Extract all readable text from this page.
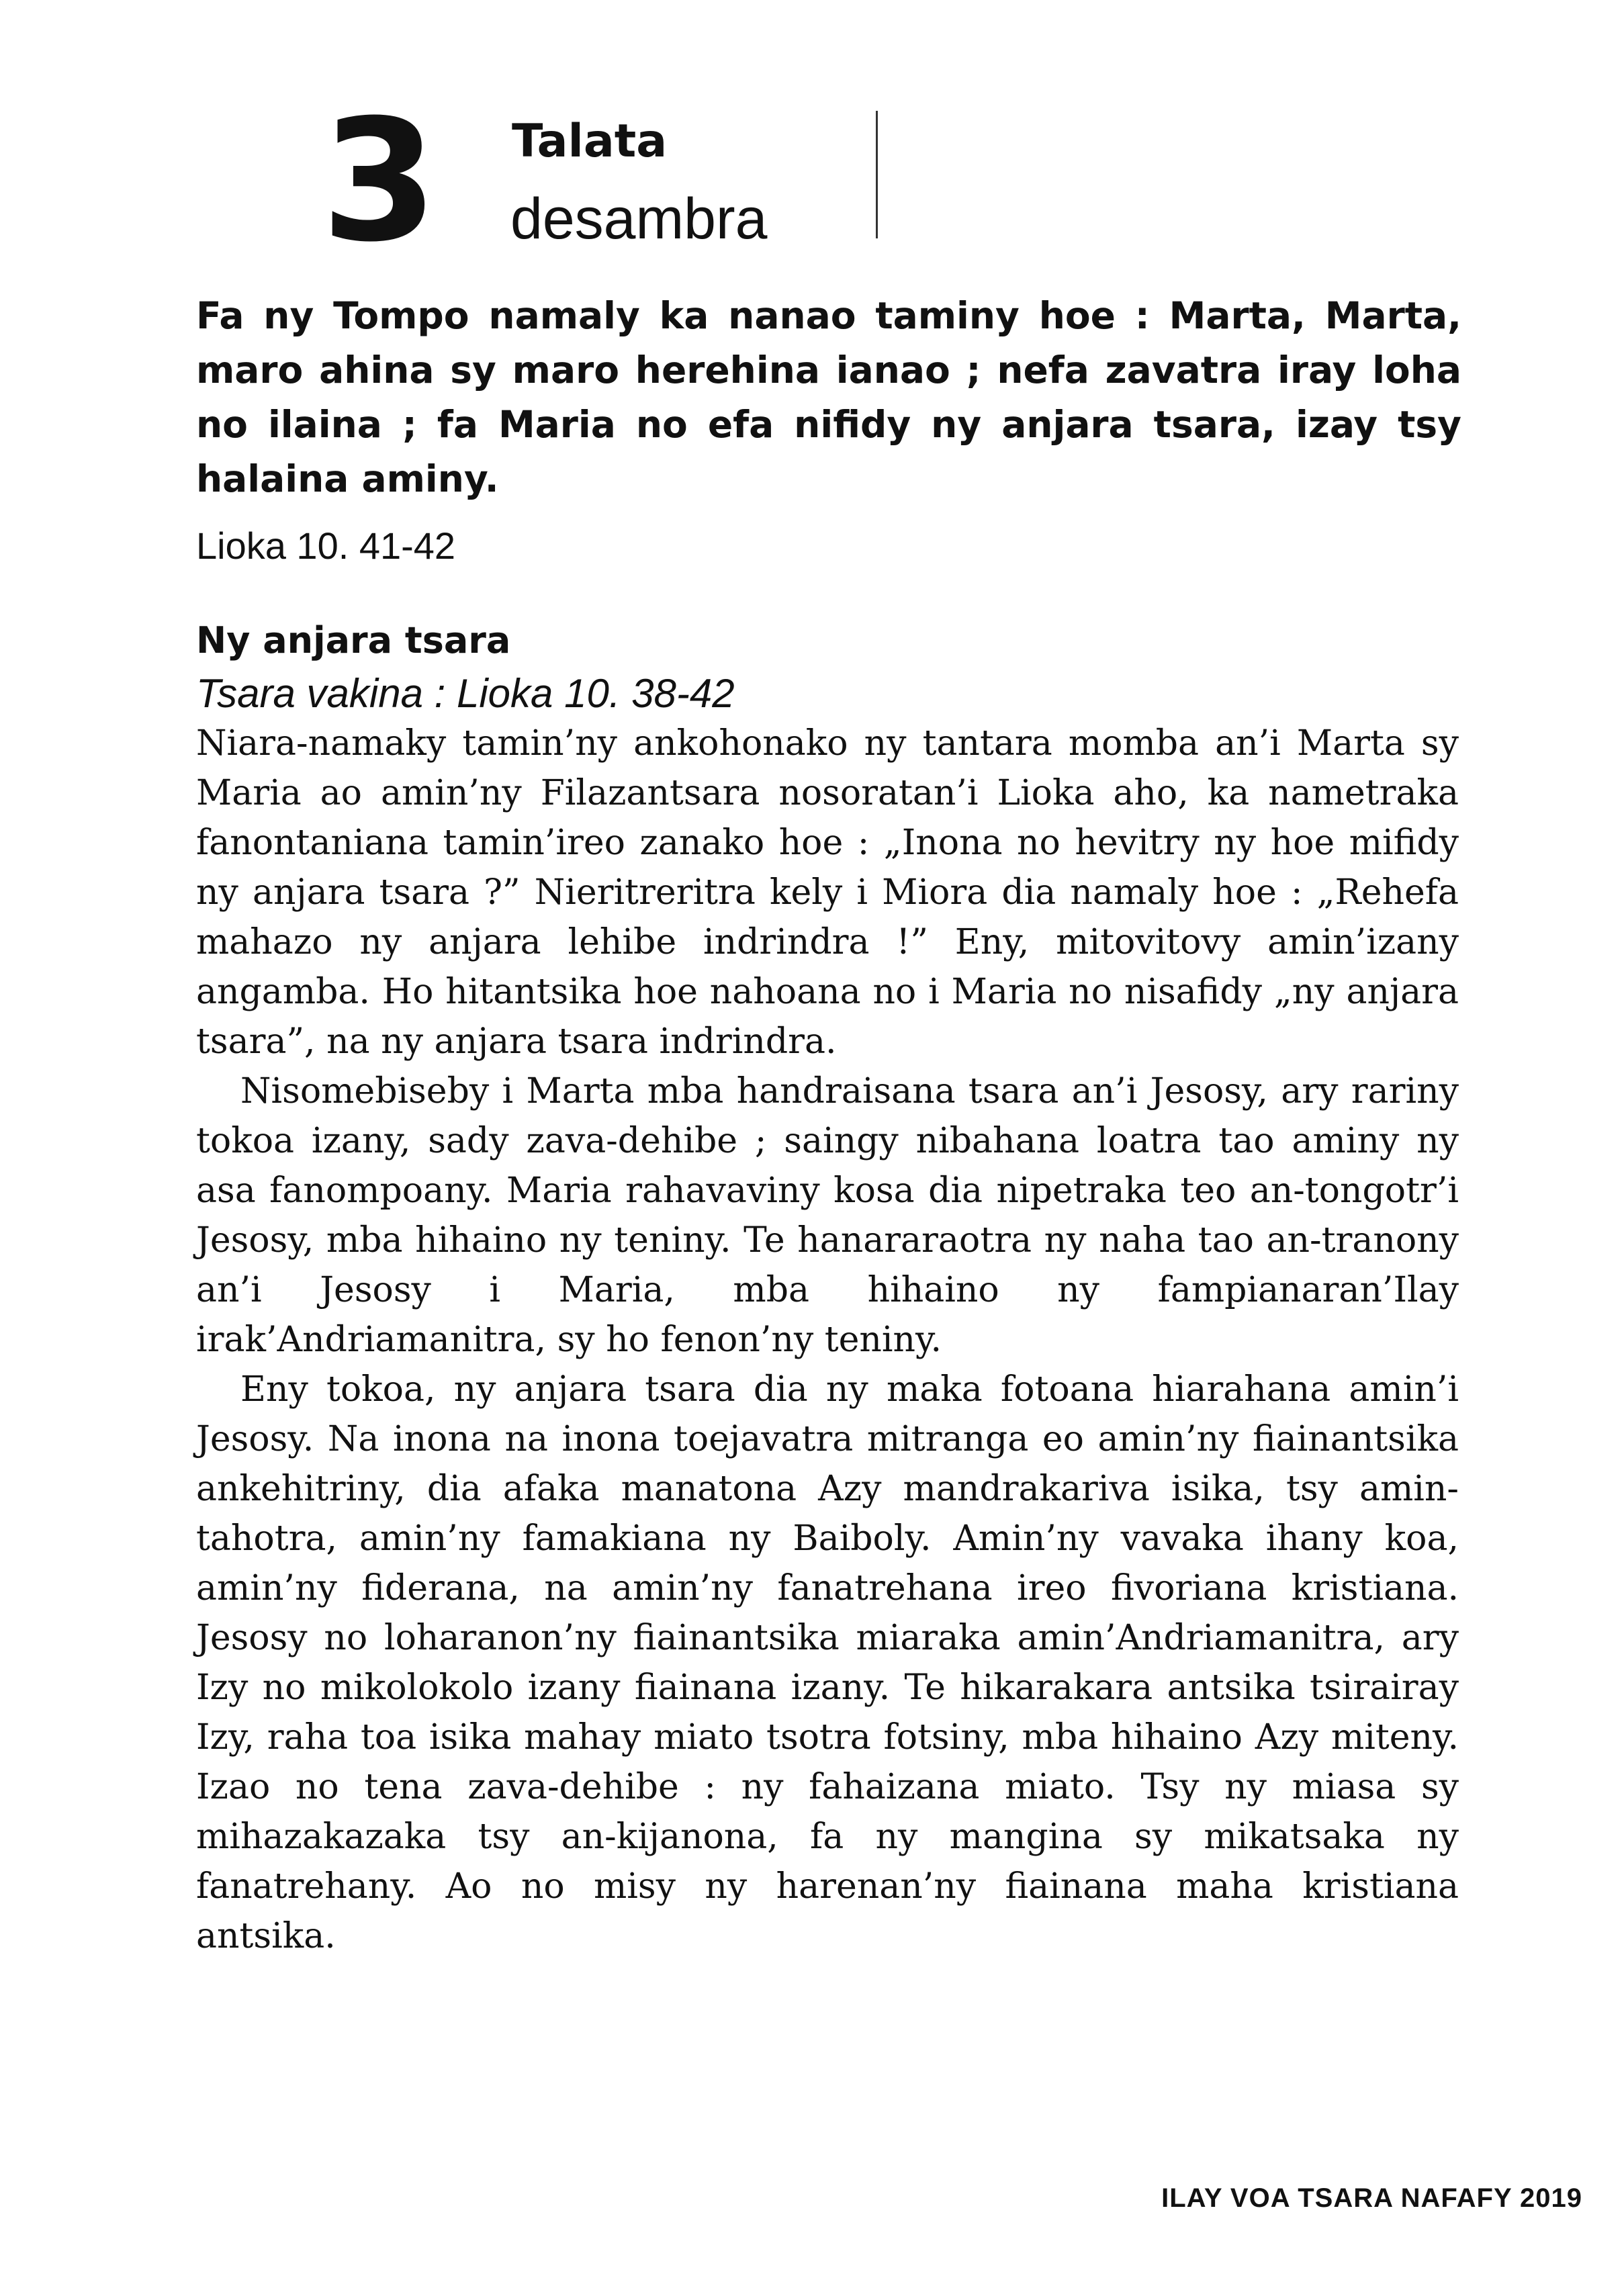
3 Talata
desambra

Fa ny Tompo namaly ka nanao taminy hoe : Marta, Marta, maro ahina sy maro herehina ianao ; nefa zavatra iray loha no ilaina ; fa Maria no efa nifidy ny anjara tsara, izay tsy halaina aminy.

Lioka 10. 41-42
Ny anjara tsara
Tsara vakina : Lioka 10. 38-42

Niara-namaky tamin’ny ankohonako ny tantara momba an’i Marta sy Maria ao amin’ny Filazantsara nosoratan’i Lioka aho, ka nametraka fanontaniana tamin’ireo zanako hoe : „Inona no hevitry ny hoe mifidy ny anjara tsara ?” Nieritreritra kely i Miora dia namaly hoe : „Rehefa mahazo ny anjara lehibe indrindra !” Eny, mitovitovy amin’izany angamba. Ho hitantsika hoe nahoana no i Maria no nisafidy „ny anjara tsara”, na ny anjara tsara indrindra.

Nisomebiseby i Marta mba handraisana tsara an’i Jesosy, ary rariny tokoa izany, sady zava-dehibe ; saingy nibahana loatra tao aminy ny asa fanompoany. Maria rahavaviny kosa dia nipetraka teo an-tongotr’i Jesosy, mba hihaino ny teniny. Te hanararaotra ny naha tao an-tranony an’i Jesosy i Maria, mba hihaino ny fampianaran’Ilay irak’Andriamanitra, sy ho fenon’ny teniny.

Eny tokoa, ny anjara tsara dia ny maka fotoana hiarahana amin’i Jesosy. Na inona na inona toejavatra mitranga eo amin’ny fiainantsika ankehitriny, dia afaka manatona Azy mandrakariva isika, tsy amin-tahotra, amin’ny famakiana ny Baiboly. Amin’ny vavaka ihany koa, amin’ny fiderana, na amin’ny fanatrehana ireo fivoriana kristiana. Jesosy no loharanon’ny fiainantsika miaraka amin’Andriamanitra, ary Izy no mikolokolo izany fiainana izany. Te hikarakara antsika tsirairay Izy, raha toa isika mahay miato tsotra fotsiny, mba hihaino Azy miteny. Izao no tena zava-dehibe : ny fahaizana miato. Tsy ny miasa sy mihazakazaka tsy an-kijanona, fa ny mangina sy mikatsaka ny fanatrehany. Ao no misy ny harenan’ny fiainana maha kristiana antsika.

ILAY VOA TSARA NAFAFY 2019
